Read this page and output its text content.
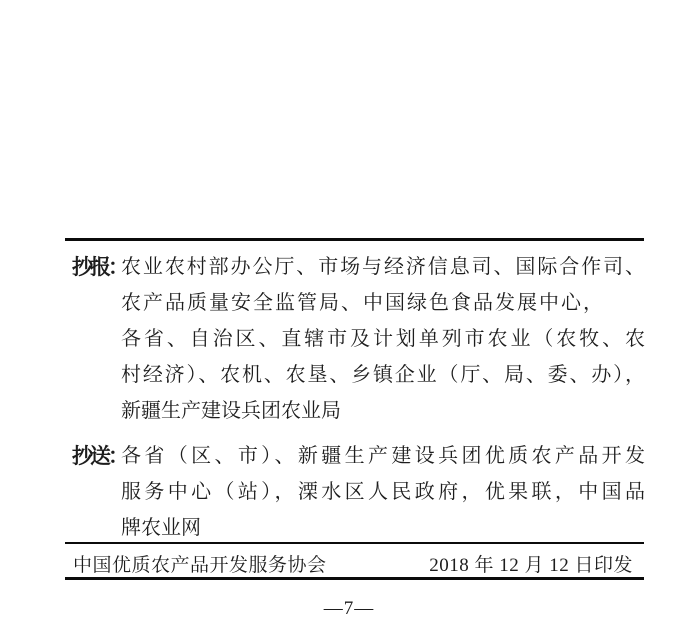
抄报：
农业农村部办公厅、市场与经济信息司、国际合作司、
农产品质量安全监管局、中国绿色食品发展中心，
各省、自治区、直辖市及计划单列市农业（农牧、农
村经济）、农机、农垦、乡镇企业（厅、局、委、办），
新疆生产建设兵团农业局
抄送：
各省（区、市）、新疆生产建设兵团优质农产品开发
服务中心（站），溧水区人民政府，优果联，中国品
牌农业网
中国优质农产品开发服务协会	2018 年 12 月 12 日印发
—7—
